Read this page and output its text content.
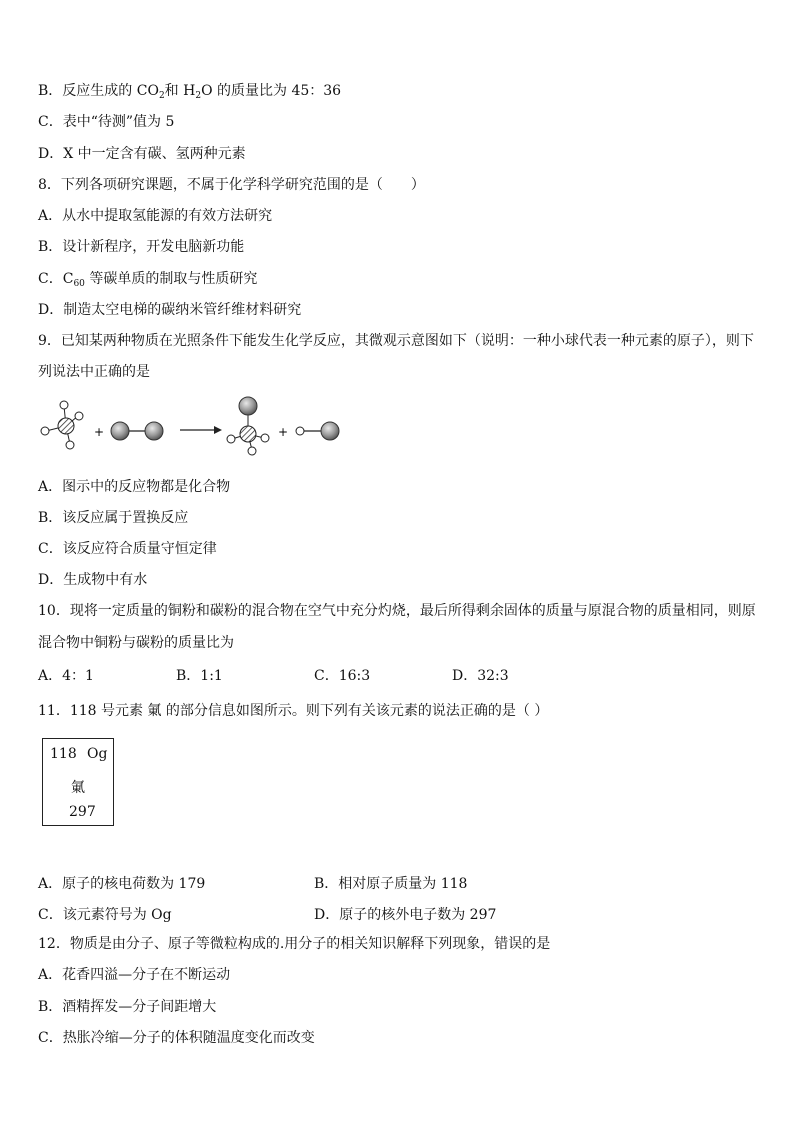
B．反应生成的 $CO_2$和 $H_2O$ 的质量比为 45：36
C．表中“待测”值为 5
D．X 中一定含有碳、氢两种元素
8．下列各项研究课题，不属于化学科学研究范围的是（　　）
A．从水中提取氢能源的有效方法研究
B．设计新程序，开发电脑新功能
C．$C_{60}$ 等碳单质的制取与性质研究
D．制造太空电梯的碳纳米管纤维材料研究
9．已知某两种物质在光照条件下能发生化学反应，其微观示意图如下（说明：一种小球代表一种元素的原子），则下
列说法中正确的是
+	+
A．图示中的反应物都是化合物
B．该反应属于置换反应
C．该反应符合质量守恒定律
D．生成物中有水
10．现将一定质量的铜粉和碳粉的混合物在空气中充分灼烧，最后所得剩余固体的质量与原混合物的质量相同，则原
混合物中铜粉与碳粉的质量比为
A．4：1	B．1:1	C．16:3	D．32:3
11．118 号元素 氭 的部分信息如图所示。则下列有关该元素的说法正确的是（ ）
118 Og
氭
297
A．原子的核电荷数为 179	B．相对原子质量为 118
C．该元素符号为 Og	D．原子的核外电子数为 297
12．物质是由分子、原子等微粒构成的.用分子的相关知识解释下列现象，错误的是
A．花香四溢—分子在不断运动
B．酒精挥发—分子间距增大
C．热胀冷缩—分子的体积随温度变化而改变
